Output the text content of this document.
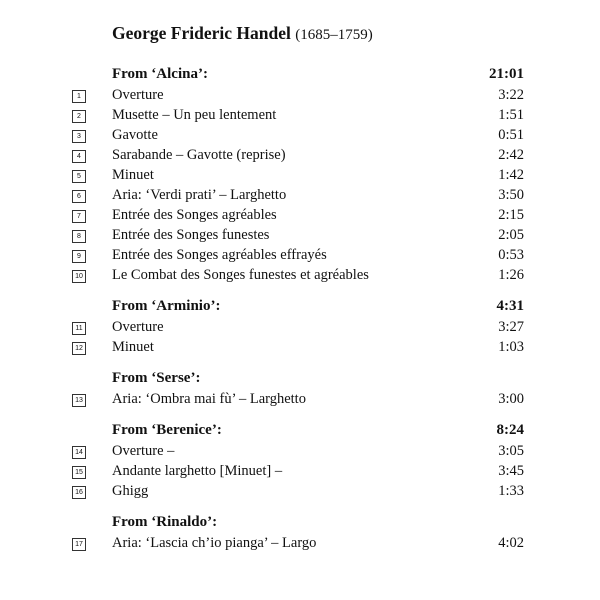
George Frideric Handel (1685–1759)
From ‘Alcina’:	21:01
1	Overture	3:22
2	Musette – Un peu lentement	1:51
3	Gavotte	0:51
4	Sarabande – Gavotte (reprise)	2:42
5	Minuet	1:42
6	Aria: ‘Verdi prati’ – Larghetto	3:50
7	Entrée des Songes agréables	2:15
8	Entrée des Songes funestes	2:05
9	Entrée des Songes agréables effrayés	0:53
10 Le Combat des Songes funestes et agréables	1:26
From ‘Arminio’:	4:31
11 Overture	3:27
12 Minuet	1:03
From ‘Serse’:
13 Aria: ‘Ombra mai fù’ – Larghetto	3:00
From ‘Berenice’:	8:24
14 Overture –	3:05
15 Andante larghetto [Minuet] –	3:45
16 Ghigg	1:33
From ‘Rinaldo’:
17 Aria: ‘Lascia ch’io pianga’ – Largo	4:02
